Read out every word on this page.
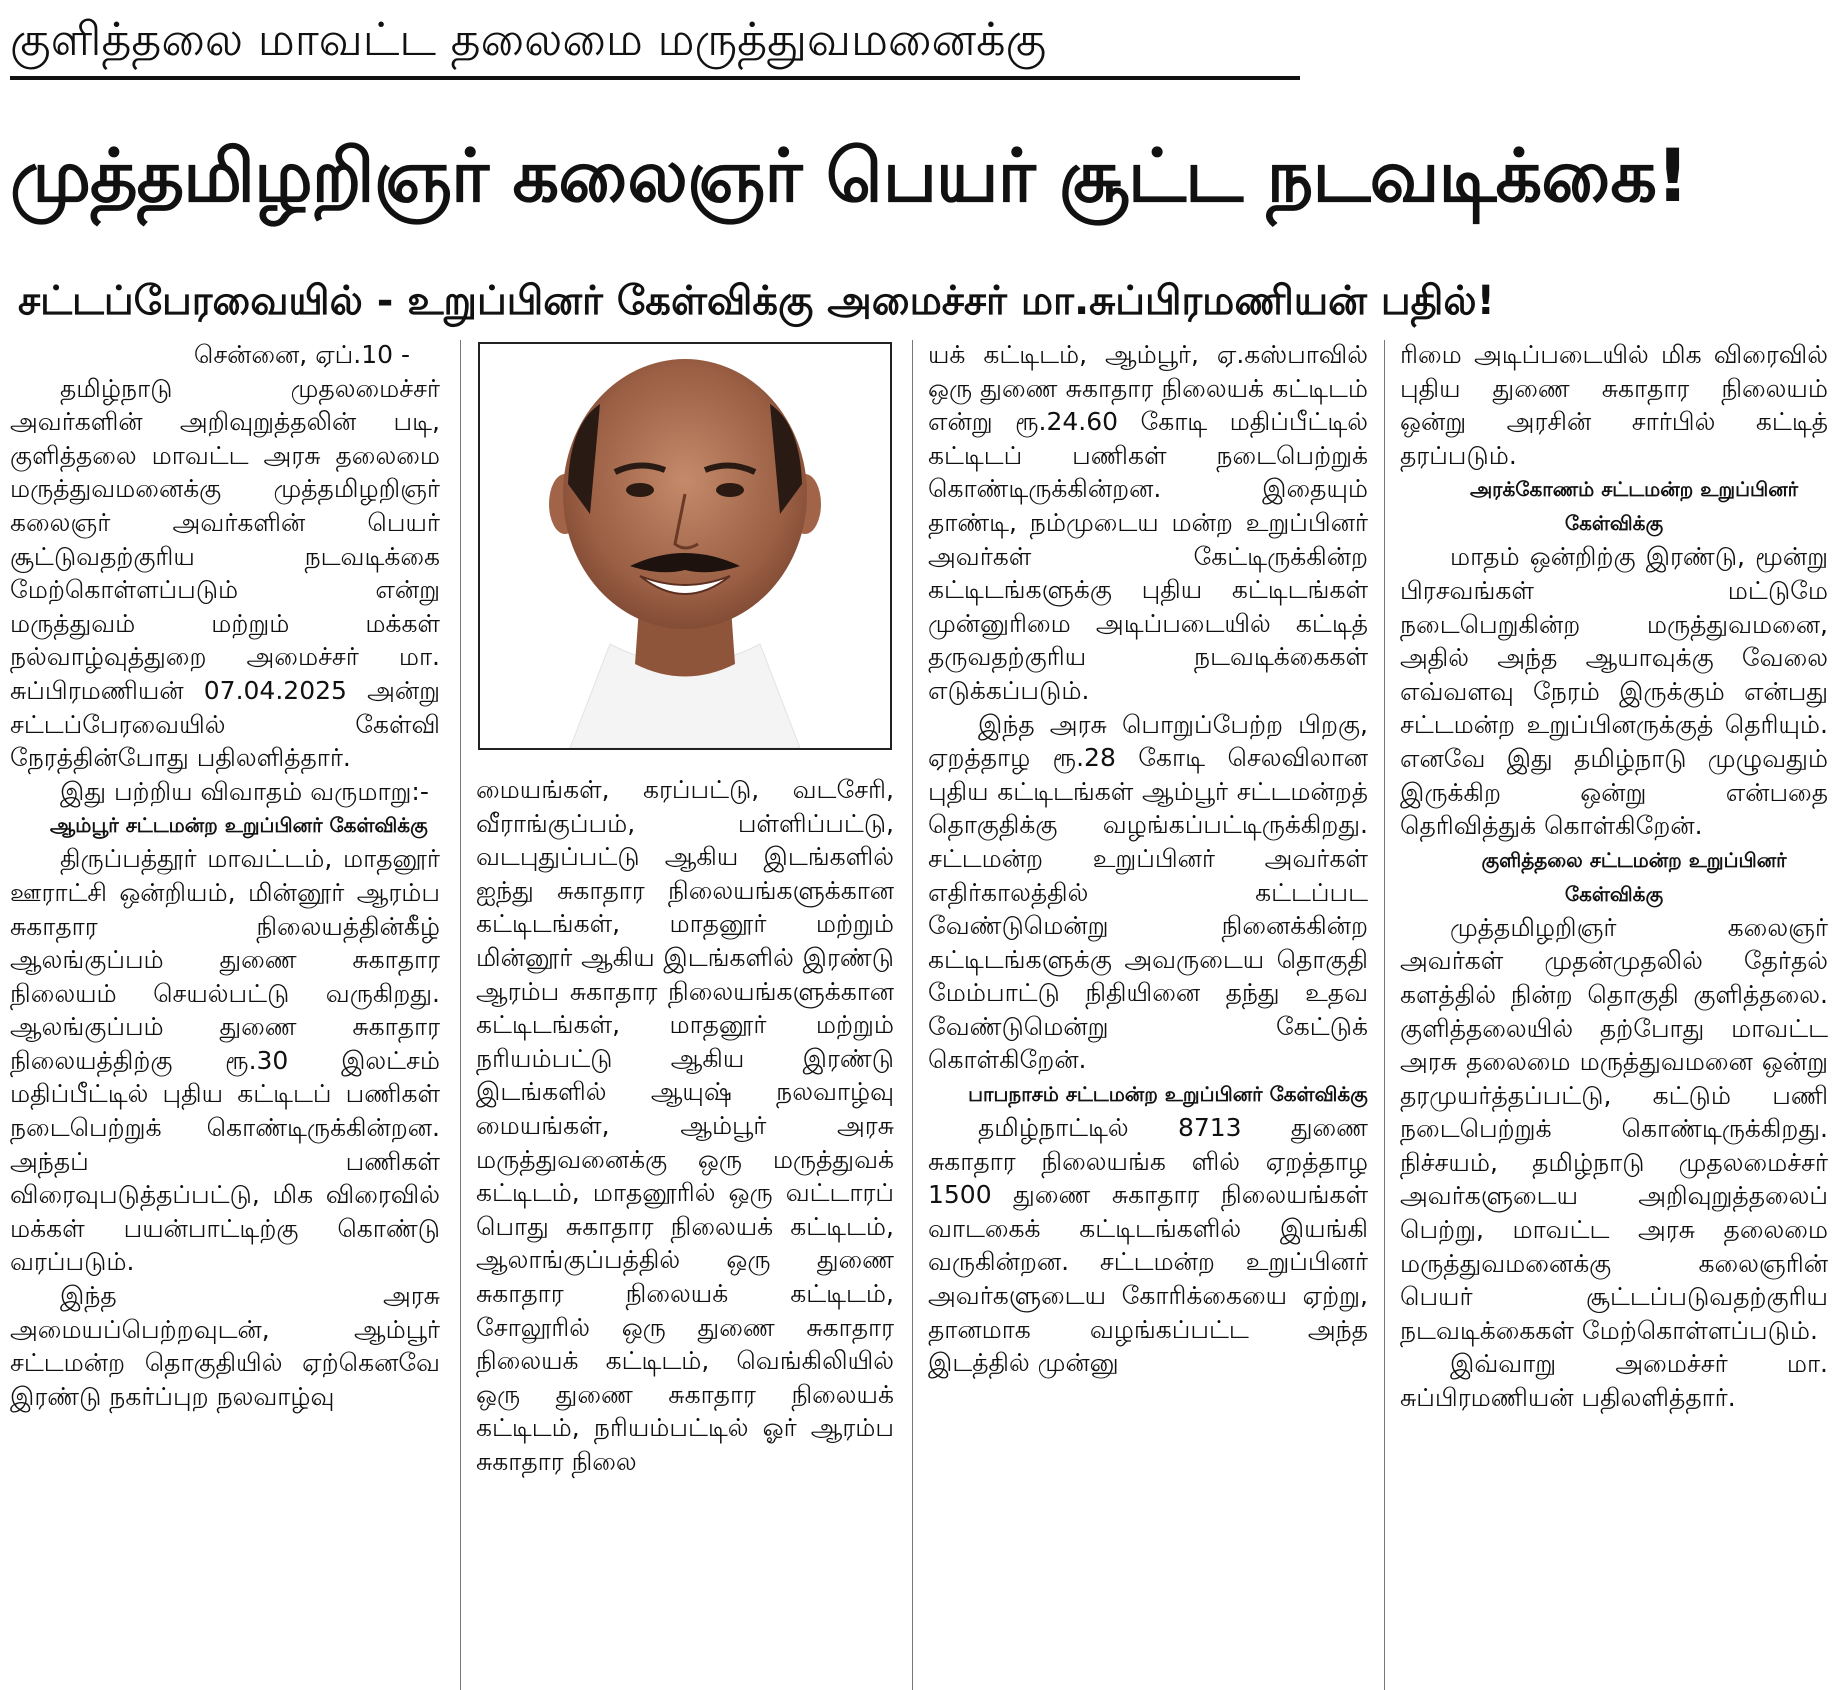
குளித்தலை மாவட்ட தலைமை மருத்துவமனைக்கு
முத்தமிழறிஞர் கலைஞர் பெயர் சூட்ட நடவடிக்கை!
சட்டப்பேரவையில் - உறுப்பினர் கேள்விக்கு அமைச்சர் மா.சுப்பிரமணியன் பதில்!

சென்னை, ஏப்.10 -

தமிழ்நாடு முதலமைச்சர் அவர்களின் அறிவுறுத்தலின் படி, குளித்தலை மாவட்ட அரசு தலைமை மருத்துவமனைக்கு முத்தமிழறிஞர் கலைஞர் அவர்களின் பெயர் சூட்டுவதற்குரிய நடவடிக்கை மேற்கொள்ளப்படும் என்று மருத்துவம் மற்றும் மக்கள் நல்வாழ்வுத்துறை அமைச்சர் மா. சுப்பிரமணியன் 07.04.2025 அன்று சட்டப்பேரவையில் கேள்வி நேரத்தின்போது பதிலளித்தார்.

இது பற்றிய விவாதம் வருமாறு:-

ஆம்பூர் சட்டமன்ற உறுப்பினர் கேள்விக்கு

திருப்பத்தூர் மாவட்டம், மாதனூர் ஊராட்சி ஒன்றியம், மின்னூர் ஆரம்ப சுகாதார நிலையத்தின்கீழ் ஆலங்குப்பம் துணை சுகாதார நிலையம் செயல்பட்டு வருகிறது. ஆலங்குப்பம் துணை சுகாதார நிலையத்திற்கு ரூ.30 இலட்சம் மதிப்பீட்டில் புதிய கட்டிடப் பணிகள் நடைபெற்றுக் கொண்டிருக்கின்றன. அந்தப் பணிகள் விரைவுபடுத்தப்பட்டு, மிக விரைவில் மக்கள் பயன்பாட்டிற்கு கொண்டு வரப்படும்.

இந்த அரசு அமையப்பெற்றவுடன், ஆம்பூர் சட்டமன்ற தொகுதியில் ஏற்கெனவே இரண்டு நகர்ப்புற நலவாழ்வு

மையங்கள், கரப்பட்டு, வடசேரி, வீராங்குப்பம், பள்ளிப்பட்டு, வடபுதுப்பட்டு ஆகிய இடங்களில் ஐந்து சுகாதார நிலையங்களுக்கான கட்டிடங்கள், மாதனூர் மற்றும் மின்னூர் ஆகிய இடங்களில் இரண்டு ஆரம்ப சுகாதார நிலையங்களுக்கான கட்டிடங்கள், மாதனூர் மற்றும் நரியம்பட்டு ஆகிய இரண்டு இடங்களில் ஆயுஷ் நலவாழ்வு மையங்கள், ஆம்பூர் அரசு மருத்துவனைக்கு ஒரு மருத்துவக் கட்டிடம், மாதனூரில் ஒரு வட்டாரப் பொது சுகாதார நிலையக் கட்டிடம், ஆலாங்குப்பத்தில் ஒரு துணை சுகாதார நிலையக் கட்டிடம், சோலூரில் ஒரு துணை சுகாதார நிலையக் கட்டிடம், வெங்கிலியில் ஒரு துணை சுகாதார நிலையக் கட்டிடம், நரியம்பட்டில் ஓர் ஆரம்ப சுகாதார நிலை

யக் கட்டிடம், ஆம்பூர், ஏ.கஸ்பாவில் ஒரு துணை சுகாதார நிலையக் கட்டிடம் என்று ரூ.24.60 கோடி மதிப்பீட்டில் கட்டிடப் பணிகள் நடைபெற்றுக் கொண்டிருக்கின்றன. இதையும் தாண்டி, நம்முடைய மன்ற உறுப்பினர் அவர்கள் கேட்டிருக்கின்ற கட்டிடங்களுக்கு புதிய கட்டிடங்கள் முன்னுரிமை அடிப்படையில் கட்டித் தருவதற்குரிய நடவடிக்கைகள் எடுக்கப்படும்.

இந்த அரசு பொறுப்பேற்ற பிறகு, ஏறத்தாழ ரூ.28 கோடி செலவிலான புதிய கட்டிடங்கள் ஆம்பூர் சட்டமன்றத் தொகுதிக்கு வழங்கப்பட்டிருக்கிறது. சட்டமன்ற உறுப்பினர் அவர்கள் எதிர்காலத்தில் கட்டப்பட வேண்டுமென்று நினைக்கின்ற கட்டிடங்களுக்கு அவருடைய தொகுதி மேம்பாட்டு நிதியினை தந்து உதவ வேண்டுமென்று கேட்டுக் கொள்கிறேன்.

பாபநாசம் சட்டமன்ற உறுப்பினர் கேள்விக்கு

தமிழ்நாட்டில் 8713 துணை சுகாதார நிலையங்க ளில் ஏறத்தாழ 1500 துணை சுகாதார நிலையங்கள் வாடகைக் கட்டிடங்களில் இயங்கி வருகின்றன. சட்டமன்ற உறுப்பினர் அவர்களுடைய கோரிக்கையை ஏற்று, தானமாக வழங்கப்பட்ட அந்த இடத்தில் முன்னு

ரிமை அடிப்படையில் மிக விரைவில் புதிய துணை சுகாதார நிலையம் ஒன்று அரசின் சார்பில் கட்டித் தரப்படும்.

அரக்கோணம் சட்டமன்ற உறுப்பினர் கேள்விக்கு

மாதம் ஒன்றிற்கு இரண்டு, மூன்று பிரசவங்கள் மட்டுமே நடைபெறுகின்ற மருத்துவமனை, அதில் அந்த ஆயாவுக்கு வேலை எவ்வளவு நேரம் இருக்கும் என்பது சட்டமன்ற உறுப்பினருக்குத் தெரியும். எனவே இது தமிழ்நாடு முழுவதும் இருக்கிற ஒன்று என்பதை தெரிவித்துக் கொள்கிறேன்.

குளித்தலை சட்டமன்ற உறுப்பினர் கேள்விக்கு

முத்தமிழறிஞர் கலைஞர் அவர்கள் முதன்முதலில் தேர்தல் களத்தில் நின்ற தொகுதி குளித்தலை. குளித்தலையில் தற்போது மாவட்ட அரசு தலைமை மருத்துவமனை ஒன்று தரமுயர்த்தப்பட்டு, கட்டும் பணி நடைபெற்றுக் கொண்டிருக்கிறது. நிச்சயம், தமிழ்நாடு முதலமைச்சர் அவர்களுடைய அறிவுறுத்தலைப் பெற்று, மாவட்ட அரசு தலைமை மருத்துவமனைக்கு கலைஞரின் பெயர் சூட்டப்படுவதற்குரிய நடவடிக்கைகள் மேற்கொள்ளப்படும்.

இவ்வாறு அமைச்சர் மா. சுப்பிரமணியன் பதிலளித்தார்.
